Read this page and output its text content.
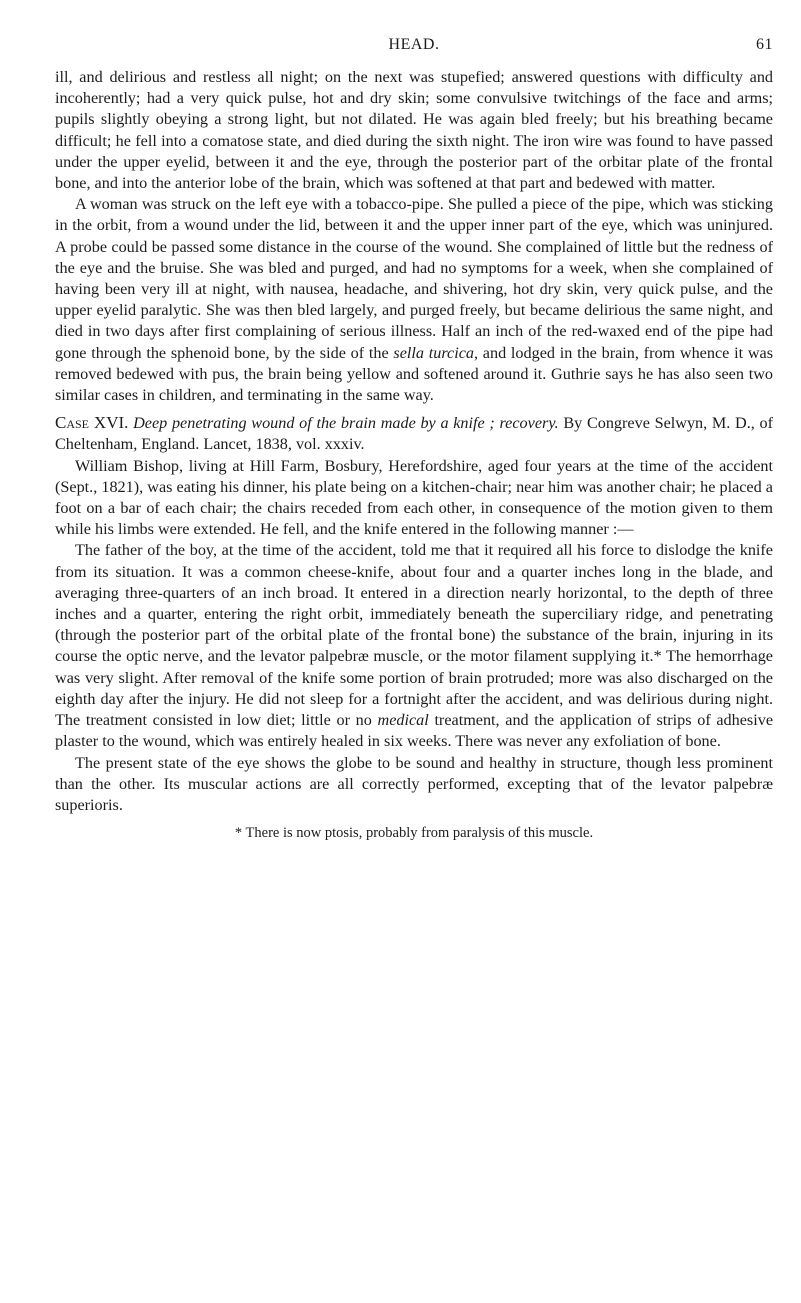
HEAD.	61

ill, and delirious and restless all night; on the next was stupefied; answered questions with difficulty and incoherently; had a very quick pulse, hot and dry skin; some convulsive twitchings of the face and arms; pupils slightly obeying a strong light, but not dilated. He was again bled freely; but his breathing became difficult; he fell into a comatose state, and died during the sixth night. The iron wire was found to have passed under the upper eyelid, between it and the eye, through the posterior part of the orbitar plate of the frontal bone, and into the anterior lobe of the brain, which was softened at that part and bedewed with matter.

A woman was struck on the left eye with a tobacco-pipe. She pulled a piece of the pipe, which was sticking in the orbit, from a wound under the lid, between it and the upper inner part of the eye, which was uninjured. A probe could be passed some distance in the course of the wound. She complained of little but the redness of the eye and the bruise. She was bled and purged, and had no symptoms for a week, when she complained of having been very ill at night, with nausea, headache, and shivering, hot dry skin, very quick pulse, and the upper eyelid paralytic. She was then bled largely, and purged freely, but became delirious the same night, and died in two days after first complaining of serious illness. Half an inch of the red-waxed end of the pipe had gone through the sphenoid bone, by the side of the sella turcica, and lodged in the brain, from whence it was removed bedewed with pus, the brain being yellow and softened around it. Guthrie says he has also seen two similar cases in children, and terminating in the same way.

Case XVI. Deep penetrating wound of the brain made by a knife ; recovery. By Congreve Selwyn, M. D., of Cheltenham, England. Lancet, 1838, vol. xxxiv.

William Bishop, living at Hill Farm, Bosbury, Herefordshire, aged four years at the time of the accident (Sept., 1821), was eating his dinner, his plate being on a kitchen-chair; near him was another chair; he placed a foot on a bar of each chair; the chairs receded from each other, in consequence of the motion given to them while his limbs were extended. He fell, and the knife entered in the following manner :—

The father of the boy, at the time of the accident, told me that it required all his force to dislodge the knife from its situation. It was a common cheese-knife, about four and a quarter inches long in the blade, and averaging three-quarters of an inch broad. It entered in a direction nearly horizontal, to the depth of three inches and a quarter, entering the right orbit, immediately beneath the superciliary ridge, and penetrating (through the posterior part of the orbital plate of the frontal bone) the substance of the brain, injuring in its course the optic nerve, and the levator palpebræ muscle, or the motor filament supplying it.* The hemorrhage was very slight. After removal of the knife some portion of brain protruded; more was also discharged on the eighth day after the injury. He did not sleep for a fortnight after the accident, and was delirious during night. The treatment consisted in low diet; little or no medical treatment, and the application of strips of adhesive plaster to the wound, which was entirely healed in six weeks. There was never any exfoliation of bone.

The present state of the eye shows the globe to be sound and healthy in structure, though less prominent than the other. Its muscular actions are all correctly performed, excepting that of the levator palpebræ superioris.

* There is now ptosis, probably from paralysis of this muscle.
